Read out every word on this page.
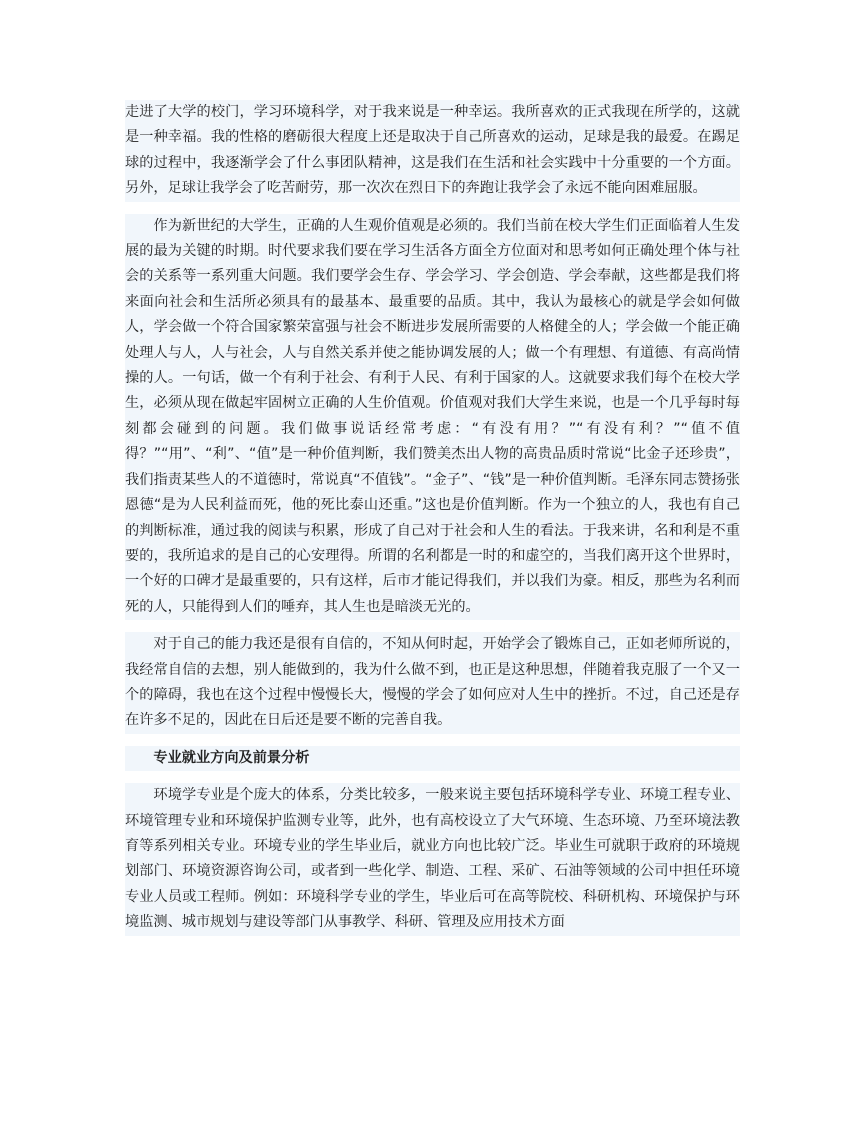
走进了大学的校门，学习环境科学，对于我来说是一种幸运。我所喜欢的正式我现在所学的，这就是一种幸福。我的性格的磨砺很大程度上还是取决于自己所喜欢的运动，足球是我的最爱。在踢足球的过程中，我逐渐学会了什么事团队精神，这是我们在生活和社会实践中十分重要的一个方面。另外，足球让我学会了吃苦耐劳，那一次次在烈日下的奔跑让我学会了永远不能向困难屈服。

作为新世纪的大学生，正确的人生观价值观是必须的。我们当前在校大学生们正面临着人生发展的最为关键的时期。时代要求我们要在学习生活各方面全方位面对和思考如何正确处理个体与社会的关系等一系列重大问题。我们要学会生存、学会学习、学会创造、学会奉献，这些都是我们将来面向社会和生活所必须具有的最基本、最重要的品质。其中，我认为最核心的就是学会如何做人，学会做一个符合国家繁荣富强与社会不断进步发展所需要的人格健全的人；学会做一个能正确处理人与人，人与社会，人与自然关系并使之能协调发展的人；做一个有理想、有道德、有高尚情操的人。一句话，做一个有利于社会、有利于人民、有利于国家的人。这就要求我们每个在校大学生，必须从现在做起牢固树立正确的人生价值观。价值观对我们大学生来说，也是一个几乎每时每刻都会碰到的问题。我们做事说话经常考虑：“有没有用？”“有没有利？”“值不值得？”“用”、“利”、“值”是一种价值判断，我们赞美杰出人物的高贵品质时常说“比金子还珍贵”，我们指责某些人的不道德时，常说真“不值钱”。“金子”、“钱”是一种价值判断。毛泽东同志赞扬张恩德“是为人民利益而死，他的死比泰山还重。”这也是价值判断。作为一个独立的人，我也有自己的判断标准，通过我的阅读与积累，形成了自己对于社会和人生的看法。于我来讲，名和利是不重要的，我所追求的是自己的心安理得。所谓的名利都是一时的和虚空的，当我们离开这个世界时，一个好的口碑才是最重要的，只有这样，后市才能记得我们，并以我们为豪。相反，那些为名利而死的人，只能得到人们的唾弃，其人生也是暗淡无光的。

对于自己的能力我还是很有自信的，不知从何时起，开始学会了锻炼自己，正如老师所说的，我经常自信的去想，别人能做到的，我为什么做不到，也正是这种思想，伴随着我克服了一个又一个的障碍，我也在这个过程中慢慢长大，慢慢的学会了如何应对人生中的挫折。不过，自己还是存在许多不足的，因此在日后还是要不断的完善自我。

专业就业方向及前景分析

环境学专业是个庞大的体系，分类比较多，一般来说主要包括环境科学专业、环境工程专业、环境管理专业和环境保护监测专业等，此外，也有高校设立了大气环境、生态环境、乃至环境法教育等系列相关专业。环境专业的学生毕业后，就业方向也比较广泛。毕业生可就职于政府的环境规划部门、环境资源咨询公司，或者到一些化学、制造、工程、采矿、石油等领域的公司中担任环境专业人员或工程师。例如：环境科学专业的学生，毕业后可在高等院校、科研机构、环境保护与环境监测、城市规划与建设等部门从事教学、科研、管理及应用技术方面
